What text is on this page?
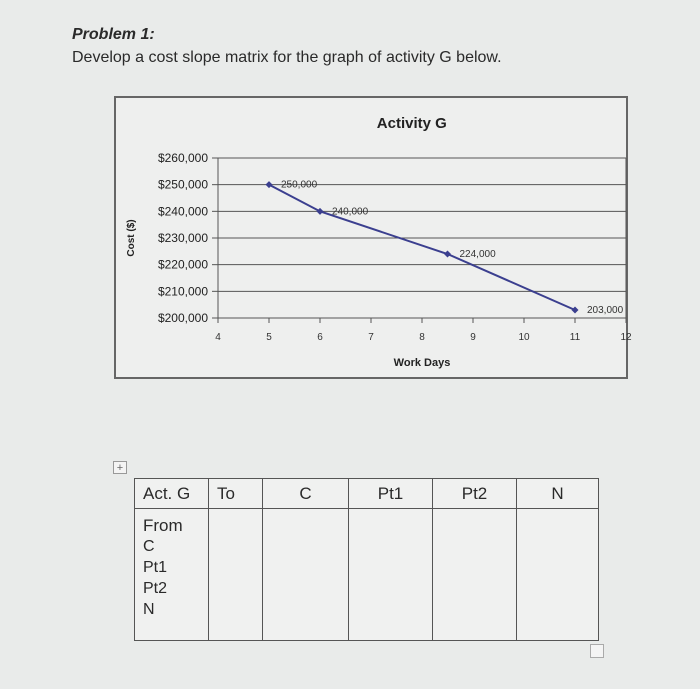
Problem 1:
Develop a cost slope matrix for the graph of activity G below.
$200,000
$210,000
$220,000
$230,000
$240,000
$250,000
$260,000
4	5	6	7	8	9	10	11	12
Work Days
Cost ($)
Activity G
250,000
240,000
224,000
203,000
+
Act. G	To	C	Pt1	Pt2	N

From
C
Pt1
Pt2
N					
